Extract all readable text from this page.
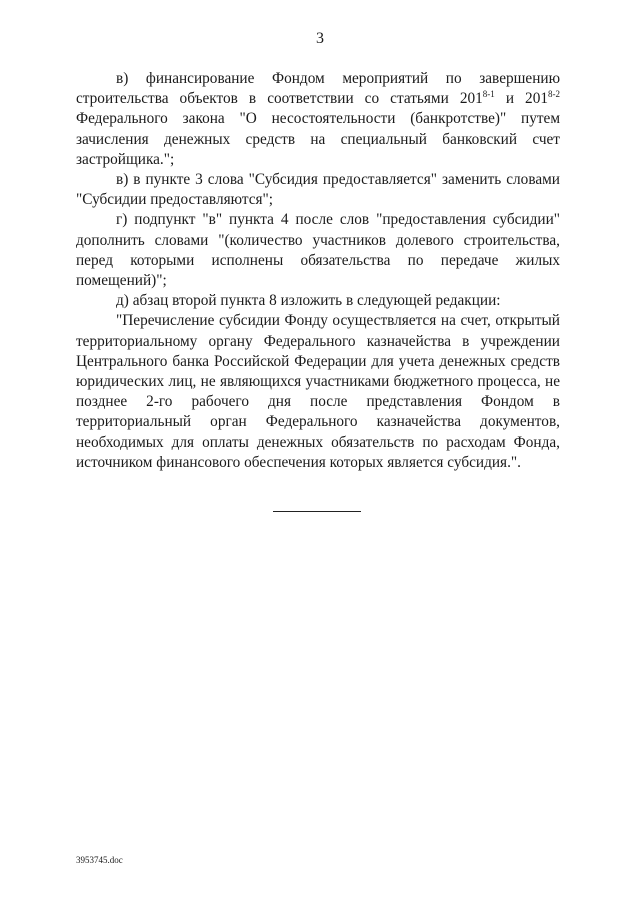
3

в) финансирование Фондом мероприятий по завершению строительства объектов в соответствии со статьями 201$^{8-1}$ и 201$^{8-2}$ Федерального закона "О несостоятельности (банкротстве)" путем зачисления денежных средств на специальный банковский счет застройщика.";

в) в пункте 3 слова "Субсидия предоставляется" заменить словами "Субсидии предоставляются";

г) подпункт "в" пункта 4 после слов "предоставления субсидии" дополнить словами "(количество участников долевого строительства, перед которыми исполнены обязательства по передаче жилых помещений)";

д) абзац второй пункта 8 изложить в следующей редакции:

"Перечисление субсидии Фонду осуществляется на счет, открытый территориальному органу Федерального казначейства в учреждении Центрального банка Российской Федерации для учета денежных средств юридических лиц, не являющихся участниками бюджетного процесса, не позднее 2-го рабочего дня после представления Фондом в территориальный орган Федерального казначейства документов, необходимых для оплаты денежных обязательств по расходам Фонда, источником финансового обеспечения которых является субсидия.".

3953745.doc
